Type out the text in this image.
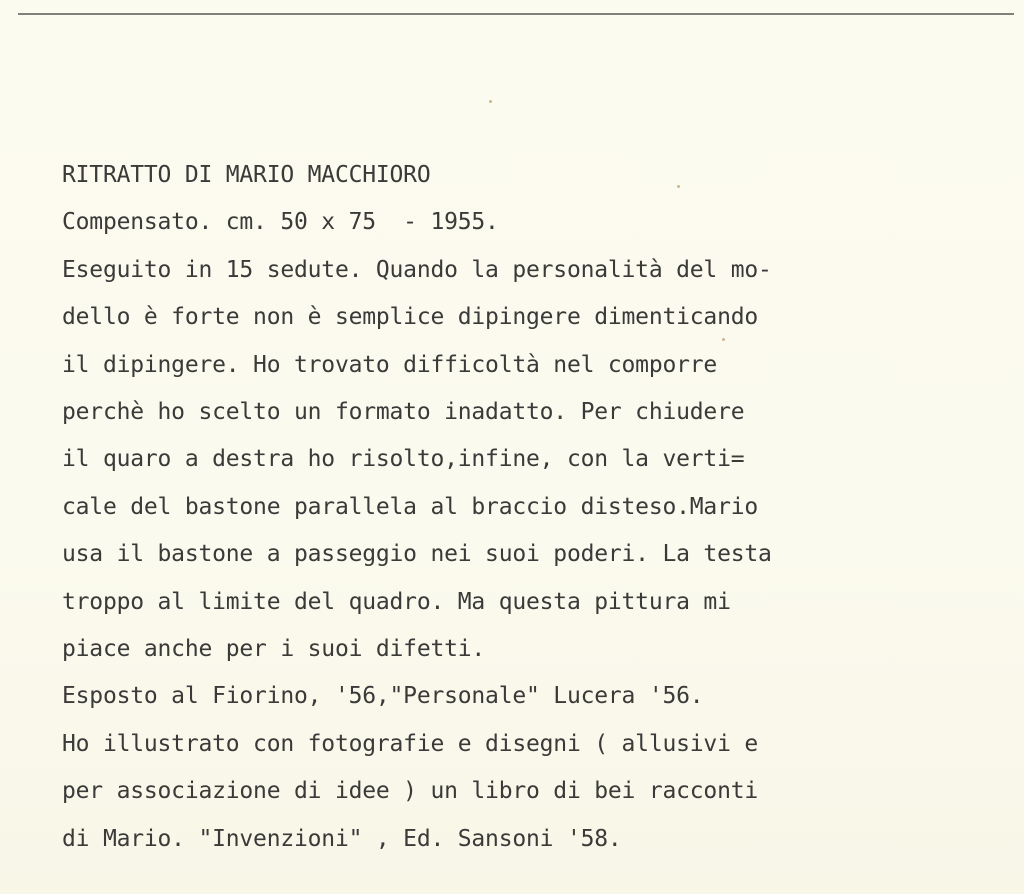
RITRATTO DI MARIO MACCHIORO
Compensato. cm. 50 x 75  - 1955.
Eseguito in 15 sedute. Quando la personalità del mo-
dello è forte non è semplice dipingere dimenticando
il dipingere. Ho trovato difficoltà nel comporre
perchè ho scelto un formato inadatto. Per chiudere
il quaro a destra ho risolto,infine, con la verti=
cale del bastone parallela al braccio disteso.Mario
usa il bastone a passeggio nei suoi poderi. La testa
troppo al limite del quadro. Ma questa pittura mi
piace anche per i suoi difetti.
Esposto al Fiorino, '56,"Personale" Lucera '56.
Ho illustrato con fotografie e disegni ( allusivi e
per associazione di idee ) un libro di bei racconti
di Mario. "Invenzioni" , Ed. Sansoni '58.
